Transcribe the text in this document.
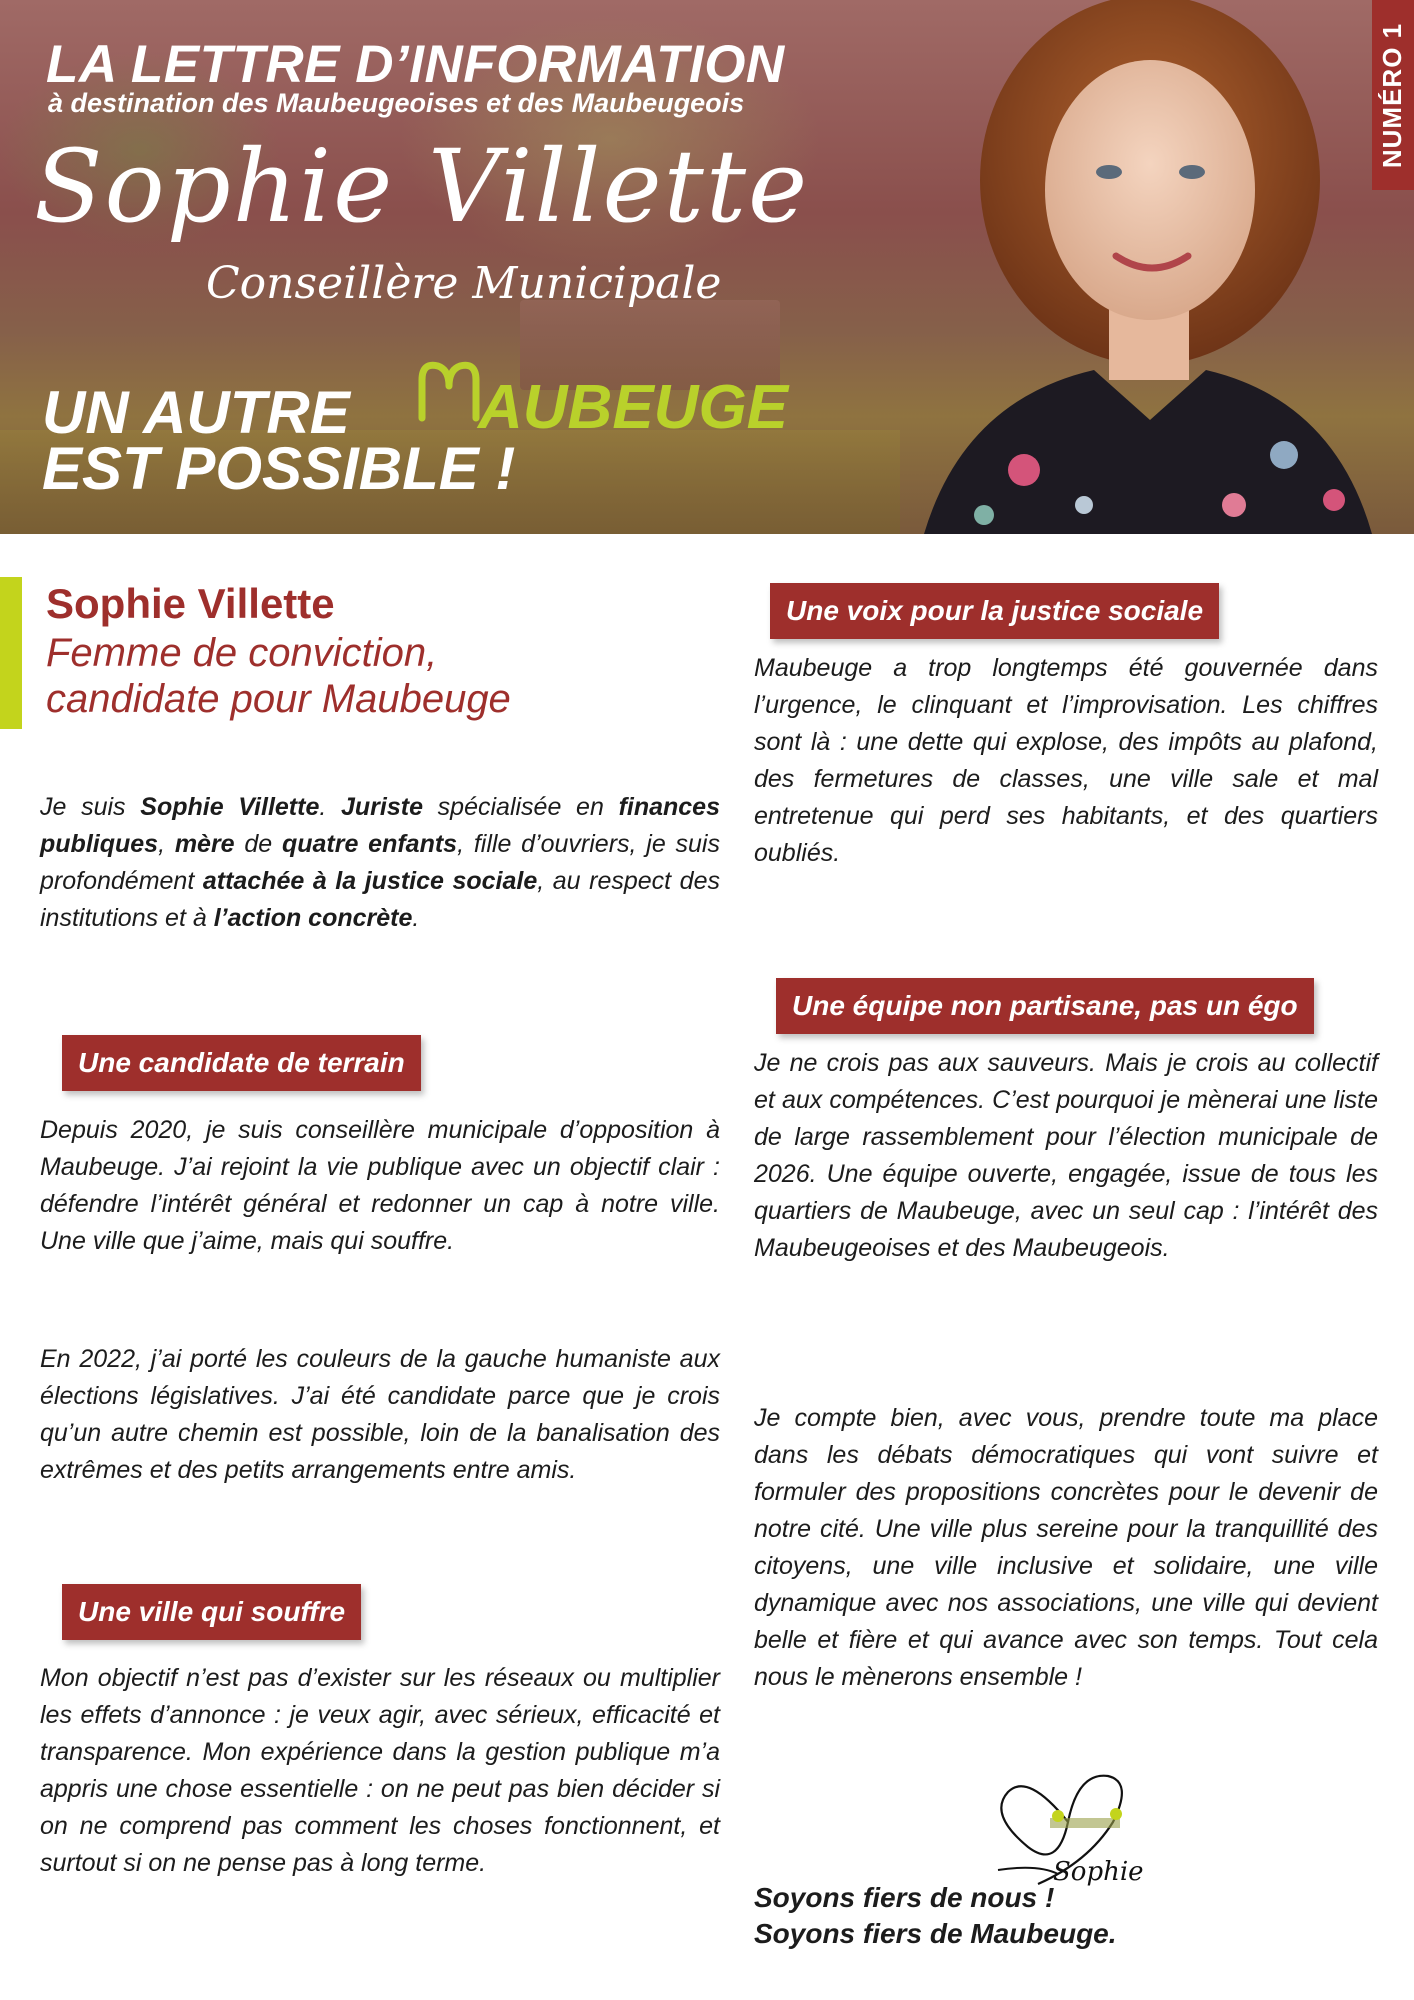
NUMÉRO 1
LA LETTRE D’INFORMATION

à destination des Maubeugeoises et des Maubeugeois

Sophie Villette

Conseillère Municipale

UN AUTRE AUBEUGE

EST POSSIBLE !

Sophie Villette
Femme de conviction,
candidate pour Maubeuge

Je suis Sophie Villette. Juriste spécialisée en finances publiques, mère de quatre enfants, fille d’ouvriers, je suis profondément attachée à la justice sociale, au respect des institutions et à l’action concrète.

Une candidate de terrain

Depuis 2020, je suis conseillère municipale d’opposition à Maubeuge. J’ai rejoint la vie publique avec un objectif clair : défendre l’intérêt général et redonner un cap à notre ville. Une ville que j’aime, mais qui souffre.

En 2022, j’ai porté les couleurs de la gauche humaniste aux élections législatives. J’ai été candidate parce que je crois qu’un autre chemin est possible, loin de la banalisation des extrêmes et des petits arrangements entre amis.

Une ville qui souffre

Mon objectif n’est pas d’exister sur les réseaux ou multiplier les effets d’annonce : je veux agir, avec sérieux, efficacité et transparence. Mon expérience dans la gestion publique m’a appris une chose essentielle : on ne peut pas bien décider si on ne comprend pas comment les choses fonctionnent, et surtout si on ne pense pas à long terme.

Une voix pour la justice sociale

Maubeuge a trop longtemps été gouvernée dans l’urgence, le clinquant et l’improvisation. Les chiffres sont là : une dette qui explose, des impôts au plafond, des fermetures de classes, une ville sale et mal entretenue qui perd ses habitants, et des quartiers oubliés.

Une équipe non partisane, pas un égo

Je ne crois pas aux sauveurs. Mais je crois au collectif et aux compétences. C’est pourquoi je mènerai une liste de large rassemblement pour l’élection municipale de 2026. Une équipe ouverte, engagée, issue de tous les quartiers de Maubeuge, avec un seul cap : l’intérêt des Maubeugeoises et des Maubeugeois.

Je compte bien, avec vous, prendre toute ma place dans les débats démocratiques qui vont suivre et formuler des propositions concrètes pour le devenir de notre cité. Une ville plus sereine pour la tranquillité des citoyens, une ville inclusive et solidaire, une ville dynamique avec nos associations, une ville qui devient belle et fière et qui avance avec son temps. Tout cela nous le mènerons ensemble !

Sophie
Soyons fiers de nous !
Soyons fiers de Maubeuge.
